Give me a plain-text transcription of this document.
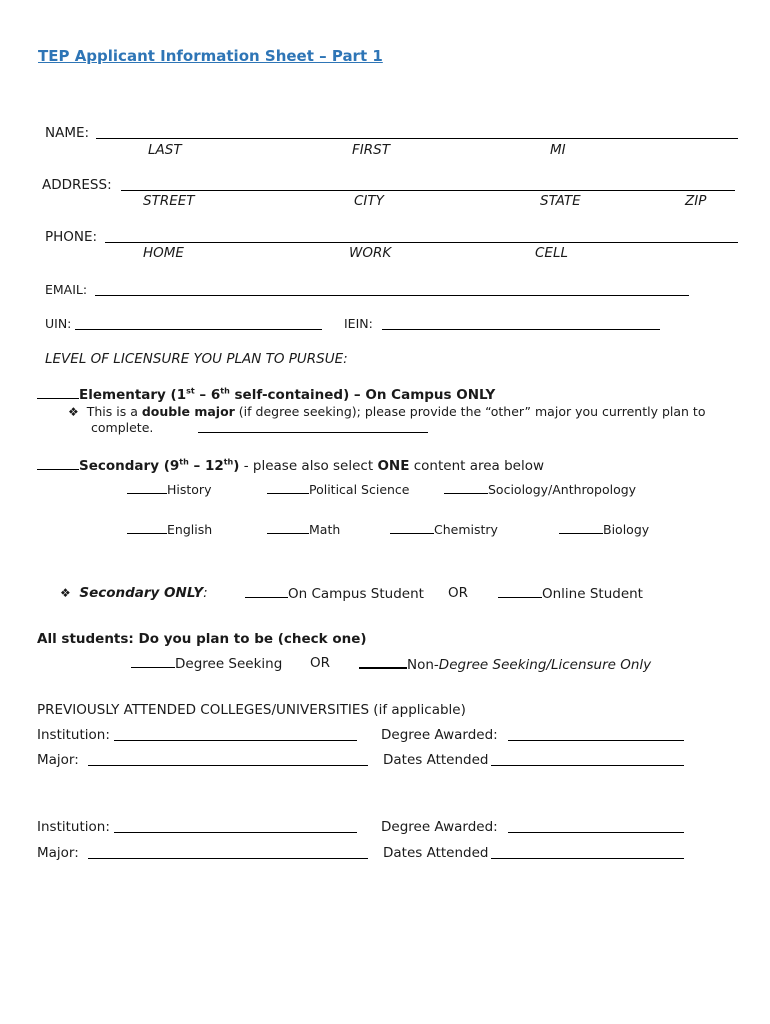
TEP Applicant Information Sheet – Part 1
NAME:
LAST	FIRST	MI
ADDRESS:
STREET	CITY	STATE	ZIP
PHONE:
HOME	WORK	CELL
EMAIL:
UIN:	IEIN:
LEVEL OF LICENSURE YOU PLAN TO PURSUE:
Elementary (1st – 6th self-contained) – On Campus ONLY
❖ This is a double major (if degree seeking); please provide the “other” major you currently plan to
complete.
Secondary (9th – 12th) - please also select ONE content area below
History	Political Science	Sociology/Anthropology
English	Math	Chemistry	Biology
❖ Secondary ONLY:	On Campus Student OR	Online Student
All students: Do you plan to be (check one)
Degree Seeking OR	Non-Degree Seeking/Licensure Only
PREVIOUSLY ATTENDED COLLEGES/UNIVERSITIES (if applicable)
Institution:	Degree Awarded:
Major:	Dates Attended
Institution:	Degree Awarded:
Major:	Dates Attended
